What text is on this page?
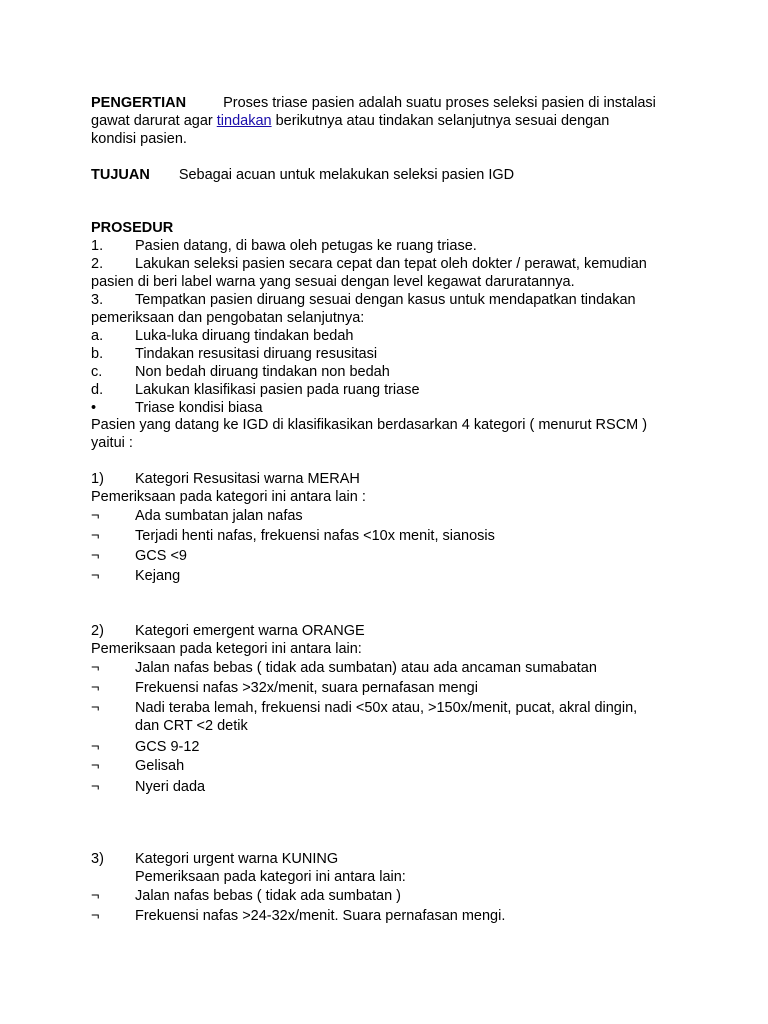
PENGERTIAN	Proses triase pasien adalah suatu proses seleksi pasien di instalasi
gawat darurat agar tindakan berikutnya atau tindakan selanjutnya sesuai dengan
kondisi pasien.
TUJUAN Sebagai acuan untuk melakukan seleksi pasien IGD
PROSEDUR
1. Pasien datang, di bawa oleh petugas ke ruang triase.
2. Lakukan seleksi pasien secara cepat dan tepat oleh dokter / perawat, kemudian
pasien di beri label warna yang sesuai dengan level kegawat daruratannya.
3. Tempatkan pasien diruang sesuai dengan kasus untuk mendapatkan tindakan
pemeriksaan dan pengobatan selanjutnya:
a. Luka-luka diruang tindakan bedah
b. Tindakan resusitasi diruang resusitasi
c. Non bedah diruang tindakan non bedah
d. Lakukan klasifikasi pasien pada ruang triase
•	Triase kondisi biasa
Pasien yang datang ke IGD di klasifikasikan berdasarkan 4 kategori ( menurut RSCM )
yaitui :
1) Kategori Resusitasi warna MERAH
Pemeriksaan pada kategori ini antara lain :
¬ Ada sumbatan jalan nafas
¬ Terjadi henti nafas, frekuensi nafas <10x menit, sianosis
¬ GCS <9
¬ Kejang
2) Kategori emergent warna ORANGE
Pemeriksaan pada ketegori ini antara lain:
¬ Jalan nafas bebas ( tidak ada sumbatan) atau ada ancaman sumabatan
¬ Frekuensi nafas >32x/menit, suara pernafasan mengi
¬ Nadi teraba lemah, frekuensi nadi <50x atau, >150x/menit, pucat, akral dingin,
dan CRT <2 detik
¬ GCS 9-12
¬ Gelisah
¬ Nyeri dada
3) Kategori urgent warna KUNING
Pemeriksaan pada kategori ini antara lain:
¬ Jalan nafas bebas ( tidak ada sumbatan )
¬ Frekuensi nafas >24-32x/menit. Suara pernafasan mengi.
